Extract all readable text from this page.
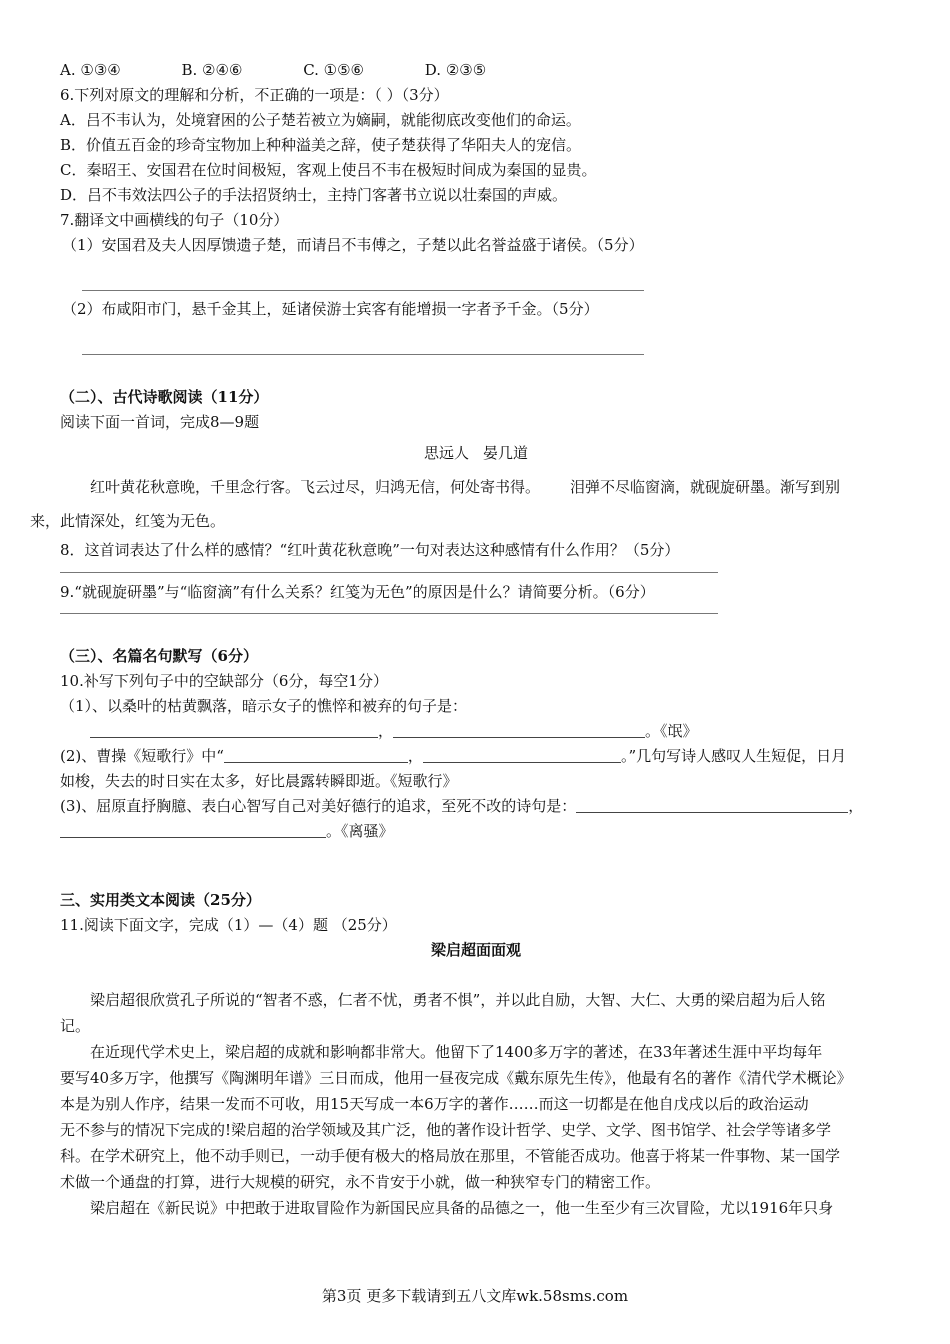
A. ①③④	B. ②④⑥	C. ①⑤⑥	D. ②③⑤
6.下列对原文的理解和分析，不正确的一项是：（ ）（3分）
A．吕不韦认为，处境窘困的公子楚若被立为嫡嗣，就能彻底改变他们的命运。
B．价值五百金的珍奇宝物加上种种溢美之辞，使子楚获得了华阳夫人的宠信。
C．秦昭王、安国君在位时间极短，客观上使吕不韦在极短时间成为秦国的显贵。
D．吕不韦效法四公子的手法招贤纳士，主持门客著书立说以壮秦国的声威。
7.翻译文中画横线的句子（10分）
（1）安国君及夫人因厚馈遗子楚，而请吕不韦傅之，子楚以此名誉益盛于诸侯。（5分）
（2）布咸阳市门，悬千金其上，延诸侯游士宾客有能增损一字者予千金。（5分）
（二）、古代诗歌阅读（11分）
阅读下面一首词，完成8—9题
思远人 晏几道
红叶黄花秋意晚，千里念行客。飞云过尽，归鸿无信，何处寄书得。 泪弹不尽临窗滴，就砚旋研墨。渐写到别
来，此情深处，红笺为无色。
8．这首词表达了什么样的感情？“红叶黄花秋意晚”一句对表达这种感情有什么作用？（5分）
9.“就砚旋研墨”与“临窗滴”有什么关系？红笺为无色”的原因是什么？请简要分析。（6分）
（三）、名篇名句默写（6分）
10.补写下列句子中的空缺部分（6分，每空1分）
（1）、以桑叶的枯黄飘落，暗示女子的憔悴和被弃的句子是：
，	。《氓》
(2)、曹操《短歌行》中“	，	。”几句写诗人感叹人生短促，日月
如梭，失去的时日实在太多，好比晨露转瞬即逝。《短歌行》
(3)、屈原直抒胸臆、表白心智写自己对美好德行的追求，至死不改的诗句是：	，
。《离骚》
三、实用类文本阅读（25分）
11.阅读下面文字，完成（1）—（4）题 （25分）
梁启超面面观

梁启超很欣赏孔子所说的“智者不惑，仁者不忧，勇者不惧”，并以此自励，大智、大仁、大勇的梁启超为后人铭

记。

在近现代学术史上，梁启超的成就和影响都非常大。他留下了1400多万字的著述，在33年著述生涯中平均每年

要写40多万字，他撰写《陶渊明年谱》三日而成，他用一昼夜完成《戴东原先生传》，他最有名的著作《清代学术概论》

本是为别人作序，结果一发而不可收，用15天写成一本6万字的著作……而这一切都是在他自戊戌以后的政治运动

无不参与的情况下完成的!梁启超的治学领域及其广泛，他的著作设计哲学、史学、文学、图书馆学、社会学等诸多学

科。在学术研究上，他不动手则已，一动手便有极大的格局放在那里，不管能否成功。他喜于将某一件事物、某一国学

术做一个通盘的打算，进行大规模的研究，永不肯安于小就，做一种狭窄专门的精密工作。

梁启超在《新民说》中把敢于进取冒险作为新国民应具备的品德之一，他一生至少有三次冒险，尤以1916年只身

第3页 更多下载请到五八文库wk.58sms.com
